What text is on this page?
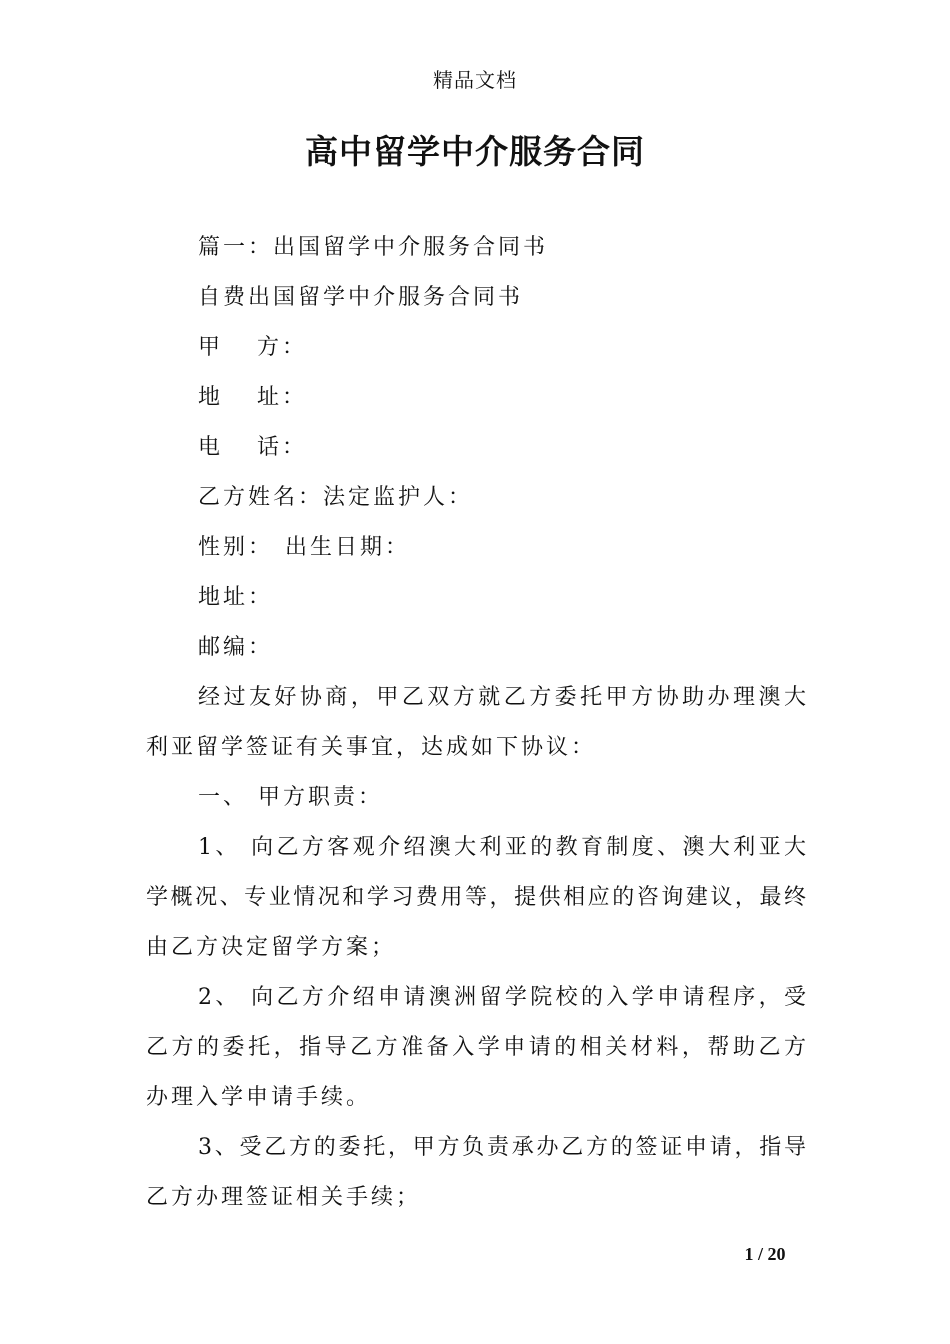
精品文档
高中留学中介服务合同
篇一：出国留学中介服务合同书
自费出国留学中介服务合同书
甲 方：
地 址：
电 话：
乙方姓名：法定监护人：
性别： 出生日期：
地址：
邮编：
经过友好协商，甲乙双方就乙方委托甲方协助办理澳大
利亚留学签证有关事宜，达成如下协议：
一、 甲方职责：
1、 向乙方客观介绍澳大利亚的教育制度、澳大利亚大
学概况、专业情况和学习费用等，提供相应的咨询建议，最终
由乙方决定留学方案；
2、 向乙方介绍申请澳洲留学院校的入学申请程序，受
乙方的委托，指导乙方准备入学申请的相关材料，帮助乙方
办理入学申请手续。
3、受乙方的委托，甲方负责承办乙方的签证申请，指导
乙方办理签证相关手续；
1 / 20
